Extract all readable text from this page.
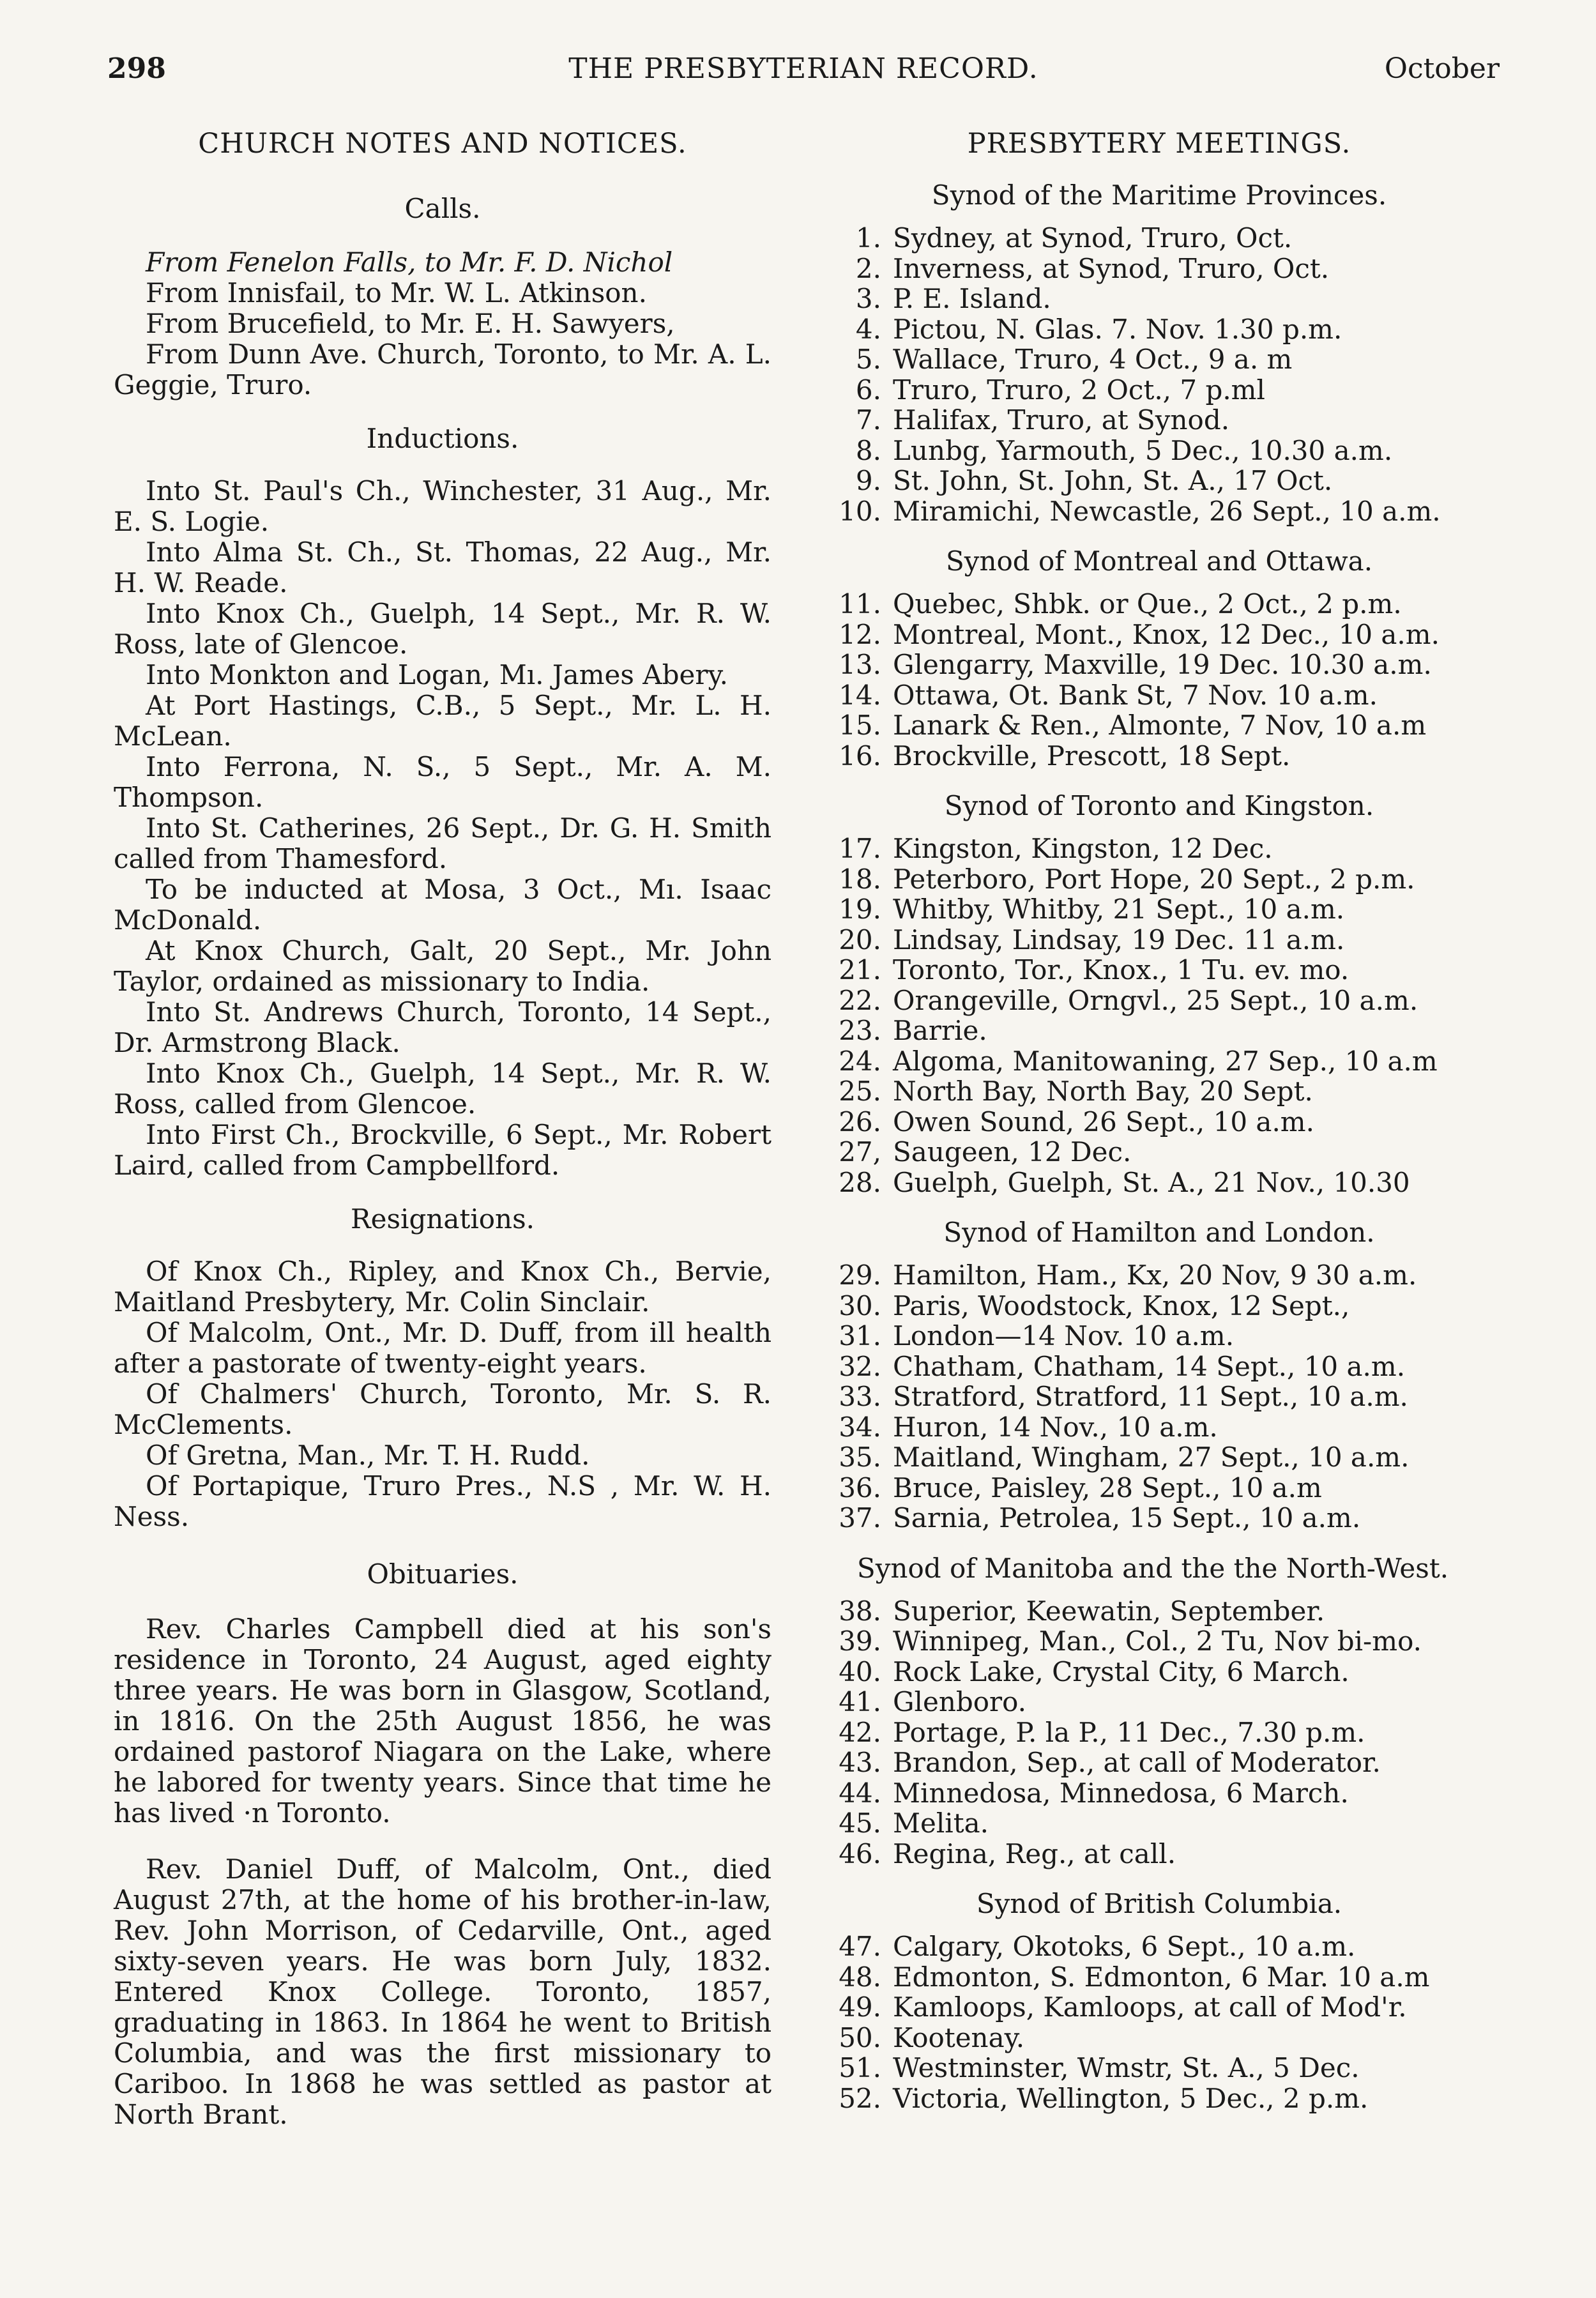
298	THE PRESBYTERIAN RECORD.	October
CHURCH NOTES AND NOTICES.
Calls.

From Fenelon Falls, to Mr. F. D. Nichol

From Innisfail, to Mr. W. L. Atkinson.

From Brucefield, to Mr. E. H. Sawyers,

From Dunn Ave. Church, Toronto, to Mr. A. L. Geggie, Truro.

Inductions.

Into St. Paul's Ch., Winchester, 31 Aug., Mr. E. S. Logie.

Into Alma St. Ch., St. Thomas, 22 Aug., Mr. H. W. Reade.

Into Knox Ch., Guelph, 14 Sept., Mr. R. W. Ross, late of Glencoe.

Into Monkton and Logan, Mı. James Abery.

At Port Hastings, C.B., 5 Sept., Mr. L. H. McLean.

Into Ferrona, N. S., 5 Sept., Mr. A. M. Thompson.

Into St. Catherines, 26 Sept., Dr. G. H. Smith called from Thamesford.

To be inducted at Mosa, 3 Oct., Mı. Isaac McDonald.

At Knox Church, Galt, 20 Sept., Mr. John Taylor, ordained as missionary to India.

Into St. Andrews Church, Toronto, 14 Sept., Dr. Armstrong Black.

Into Knox Ch., Guelph, 14 Sept., Mr. R. W. Ross, called from Glencoe.

Into First Ch., Brockville, 6 Sept., Mr. Robert Laird, called from Campbellford.

Resignations.

Of Knox Ch., Ripley, and Knox Ch., Bervie, Maitland Presbytery, Mr. Colin Sinclair.

Of Malcolm, Ont., Mr. D. Duff, from ill health after a pastorate of twenty-eight years.

Of Chalmers' Church, Toronto, Mr. S. R. McClements.

Of Gretna, Man., Mr. T. H. Rudd.

Of Portapique, Truro Pres., N.S , Mr. W. H. Ness.

Obituaries.

Rev. Charles Campbell died at his son's residence in Toronto, 24 August, aged eighty three years. He was born in Glasgow, Scotland, in 1816. On the 25th August 1856, he was ordained pastorof Niagara on the Lake, where he labored for twenty years. Since that time he has lived ·n Toronto.

Rev. Daniel Duff, of Malcolm, Ont., died August 27th, at the home of his brother-in-law, Rev. John Morrison, of Cedarville, Ont., aged sixty-seven years. He was born July, 1832. Entered Knox College. Toronto, 1857, graduating in 1863. In 1864 he went to British Columbia, and was the first missionary to Cariboo. In 1868 he was settled as pastor at North Brant.

PRESBYTERY MEETINGS.
Synod of the Maritime Provinces.
1. Sydney, at Synod, Truro, Oct.
2. Inverness, at Synod, Truro, Oct.
3. P. E. Island.
4. Pictou, N. Glas. 7. Nov. 1.30 p.m.
5. Wallace, Truro, 4 Oct., 9 a. m
6. Truro, Truro, 2 Oct., 7 p.ml
7. Halifax, Truro, at Synod.
8. Lunbg, Yarmouth, 5 Dec., 10.30 a.m.
9. St. John, St. John, St. A., 17 Oct.
10. Miramichi, Newcastle, 26 Sept., 10 a.m.
Synod of Montreal and Ottawa.
11. Quebec, Shbk. or Que., 2 Oct., 2 p.m.
12. Montreal, Mont., Knox, 12 Dec., 10 a.m.
13. Glengarry, Maxville, 19 Dec. 10.30 a.m.
14. Ottawa, Ot. Bank St, 7 Nov. 10 a.m.
15. Lanark & Ren., Almonte, 7 Nov, 10 a.m
16. Brockville, Prescott, 18 Sept.
Synod of Toronto and Kingston.
17. Kingston, Kingston, 12 Dec.
18. Peterboro, Port Hope, 20 Sept., 2 p.m.
19. Whitby, Whitby, 21 Sept., 10 a.m.
20. Lindsay, Lindsay, 19 Dec. 11 a.m.
21. Toronto, Tor., Knox., 1 Tu. ev. mo.
22. Orangeville, Orngvl., 25 Sept., 10 a.m.
23. Barrie.
24. Algoma, Manitowaning, 27 Sep., 10 a.m
25. North Bay, North Bay, 20 Sept.
26. Owen Sound, 26 Sept., 10 a.m.
27, Saugeen, 12 Dec.
28. Guelph, Guelph, St. A., 21 Nov., 10.30
Synod of Hamilton and London.
29. Hamilton, Ham., Kx, 20 Nov, 9 30 a.m.
30. Paris, Woodstock, Knox, 12 Sept.,
31. London—14 Nov. 10 a.m.
32. Chatham, Chatham, 14 Sept., 10 a.m.
33. Stratford, Stratford, 11 Sept., 10 a.m.
34. Huron, 14 Nov., 10 a.m.
35. Maitland, Wingham, 27 Sept., 10 a.m.
36. Bruce, Paisley, 28 Sept., 10 a.m
37. Sarnia, Petrolea, 15 Sept., 10 a.m.
Synod of Manitoba and the the North-West.
38. Superior, Keewatin, September.
39. Winnipeg, Man., Col., 2 Tu, Nov bi-mo.
40. Rock Lake, Crystal City, 6 March.
41. Glenboro.
42. Portage, P. la P., 11 Dec., 7.30 p.m.
43. Brandon, Sep., at call of Moderator.
44. Minnedosa, Minnedosa, 6 March.
45. Melita.
46. Regina, Reg., at call.
Synod of British Columbia.
47. Calgary, Okotoks, 6 Sept., 10 a.m.
48. Edmonton, S. Edmonton, 6 Mar. 10 a.m
49. Kamloops, Kamloops, at call of Mod'r.
50. Kootenay.
51. Westminster, Wmstr, St. A., 5 Dec.
52. Victoria, Wellington, 5 Dec., 2 p.m.
